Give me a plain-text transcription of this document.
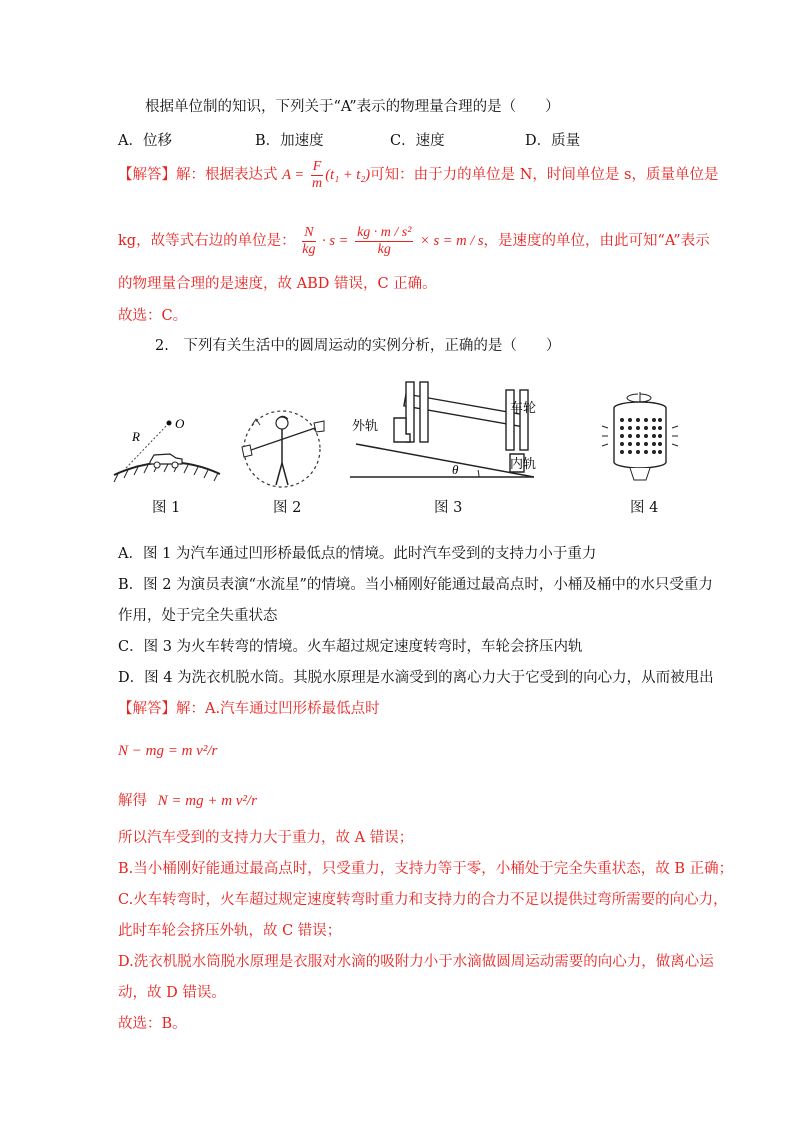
根据单位制的知识，下列关于“A”表示的物理量合理的是（　　）
A．位移	B．加速度	C．速度	D．质量
【解答】解：根据表达式 $A = \frac{F}{m} (t_1 + t_2)$可知：由于力的单位是 N，时间单位是 s，质量单位是
kg，故等式右边的单位是： $\frac{N}{kg} \cdot s = \frac{\text{kg · m / s²}}{kg} \times s = m / s$，是速度的单位，由此可知“A”表示
的物理量合理的是速度，故 ABD 错误，C 正确。
故选：C。
2.　下列有关生活中的圆周运动的实例分析，正确的是（　　）
R
O
θ
外轨
车轮
内轨
图 1	图 2	图 3	图 4
A．图 1 为汽车通过凹形桥最低点的情境。此时汽车受到的支持力小于重力
B．图 2 为演员表演“水流星”的情境。当小桶刚好能通过最高点时，小桶及桶中的水只受重力
作用，处于完全失重状态
C．图 3 为火车转弯的情境。火车超过规定速度转弯时，车轮会挤压内轨
D．图 4 为洗衣机脱水筒。其脱水原理是水滴受到的离心力大于它受到的向心力，从而被甩出
【解答】解：A.汽车通过凹形桥最低点时
N − mg = m v²/r
解得 N = mg + m v²/r
所以汽车受到的支持力大于重力，故 A 错误；
B.当小桶刚好能通过最高点时，只受重力，支持力等于零，小桶处于完全失重状态，故 B 正确；
C.火车转弯时，火车超过规定速度转弯时重力和支持力的合力不足以提供过弯所需要的向心力，
此时车轮会挤压外轨，故 C 错误；
D.洗衣机脱水筒脱水原理是衣服对水滴的吸附力小于水滴做圆周运动需要的向心力，做离心运
动，故 D 错误。
故选：B。
